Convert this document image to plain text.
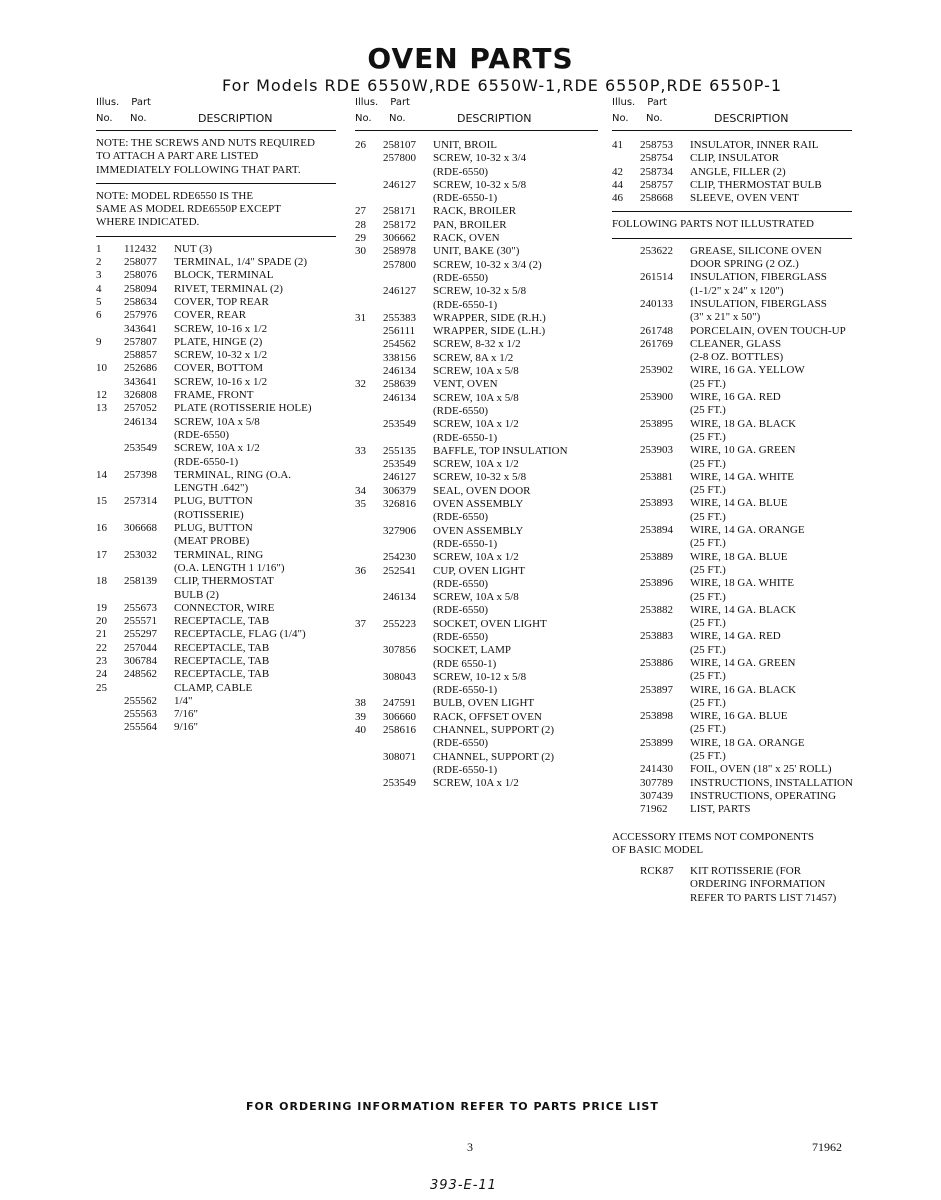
OVEN PARTS
For Models RDE 6550W,RDE 6550W-1,RDE 6550P,RDE 6550P-1
Illus. Part
No. No.	DESCRIPTION
NOTE: THE SCREWS AND NUTS REQUIRED
TO ATTACH A PART ARE LISTED
IMMEDIATELY FOLLOWING THAT PART.
NOTE: MODEL RDE6550 IS THE
SAME AS MODEL RDE6550P EXCEPT
WHERE INDICATED.
1	112432	NUT (3)
2	258077	TERMINAL, 1/4" SPADE (2)
3	258076	BLOCK, TERMINAL
4	258094	RIVET, TERMINAL (2)
5	258634	COVER, TOP REAR
6	257976	COVER, REAR
343641	SCREW, 10-16 x 1/2
9	257807	PLATE, HINGE (2)
258857	SCREW, 10-32 x 1/2
10	252686	COVER, BOTTOM
343641	SCREW, 10-16 x 1/2
12	326808	FRAME, FRONT
13	257052	PLATE (ROTISSERIE HOLE)
246134	SCREW, 10A x 5/8
(RDE-6550)
253549	SCREW, 10A x 1/2
(RDE-6550-1)
14	257398	TERMINAL, RING (O.A.
LENGTH .642")
15	257314	PLUG, BUTTON
(ROTISSERIE)
16	306668	PLUG, BUTTON
(MEAT PROBE)
17	253032	TERMINAL, RING
(O.A. LENGTH 1 1/16")
18	258139	CLIP, THERMOSTAT
BULB (2)
19	255673	CONNECTOR, WIRE
20	255571	RECEPTACLE, TAB
21	255297	RECEPTACLE, FLAG (1/4")
22	257044	RECEPTACLE, TAB
23	306784	RECEPTACLE, TAB
24	248562	RECEPTACLE, TAB
25	CLAMP, CABLE
255562	1/4"
255563	7/16"
255564	9/16"
Illus. Part
No. No.	DESCRIPTION
26	258107	UNIT, BROIL
257800	SCREW, 10-32 x 3/4
(RDE-6550)
246127	SCREW, 10-32 x 5/8
(RDE-6550-1)
27	258171	RACK, BROILER
28	258172	PAN, BROILER
29	306662	RACK, OVEN
30	258978	UNIT, BAKE (30")
257800	SCREW, 10-32 x 3/4 (2)
(RDE-6550)
246127	SCREW, 10-32 x 5/8
(RDE-6550-1)
31	255383	WRAPPER, SIDE (R.H.)
256111	WRAPPER, SIDE (L.H.)
254562	SCREW, 8-32 x 1/2
338156	SCREW, 8A x 1/2
246134	SCREW, 10A x 5/8
32	258639	VENT, OVEN
246134	SCREW, 10A x 5/8
(RDE-6550)
253549	SCREW, 10A x 1/2
(RDE-6550-1)
33	255135	BAFFLE, TOP INSULATION
253549	SCREW, 10A x 1/2
246127	SCREW, 10-32 x 5/8
34	306379	SEAL, OVEN DOOR
35	326816	OVEN ASSEMBLY
(RDE-6550)
327906	OVEN ASSEMBLY
(RDE-6550-1)
254230	SCREW, 10A x 1/2
36	252541	CUP, OVEN LIGHT
(RDE-6550)
246134	SCREW, 10A x 5/8
(RDE-6550)
37	255223	SOCKET, OVEN LIGHT
(RDE-6550)
307856	SOCKET, LAMP
(RDE 6550-1)
308043	SCREW, 10-12 x 5/8
(RDE-6550-1)
38	247591	BULB, OVEN LIGHT
39	306660	RACK, OFFSET OVEN
40	258616	CHANNEL, SUPPORT (2)
(RDE-6550)
308071	CHANNEL, SUPPORT (2)
(RDE-6550-1)
253549	SCREW, 10A x 1/2
Illus. Part
No. No.	DESCRIPTION
41	258753	INSULATOR, INNER RAIL
258754	CLIP, INSULATOR
42	258734	ANGLE, FILLER (2)
44	258757	CLIP, THERMOSTAT BULB
46	258668	SLEEVE, OVEN VENT
FOLLOWING PARTS NOT ILLUSTRATED
253622	GREASE, SILICONE OVEN
DOOR SPRING (2 OZ.)
261514	INSULATION, FIBERGLASS
(1-1/2" x 24" x 120")
240133	INSULATION, FIBERGLASS
(3" x 21" x 50")
261748	PORCELAIN, OVEN TOUCH-UP
261769	CLEANER, GLASS
(2-8 OZ. BOTTLES)
253902	WIRE, 16 GA. YELLOW
(25 FT.)
253900	WIRE, 16 GA. RED
(25 FT.)
253895	WIRE, 18 GA. BLACK
(25 FT.)
253903	WIRE, 10 GA. GREEN
(25 FT.)
253881	WIRE, 14 GA. WHITE
(25 FT.)
253893	WIRE, 14 GA. BLUE
(25 FT.)
253894	WIRE, 14 GA. ORANGE
(25 FT.)
253889	WIRE, 18 GA. BLUE
(25 FT.)
253896	WIRE, 18 GA. WHITE
(25 FT.)
253882	WIRE, 14 GA. BLACK
(25 FT.)
253883	WIRE, 14 GA. RED
(25 FT.)
253886	WIRE, 14 GA. GREEN
(25 FT.)
253897	WIRE, 16 GA. BLACK
(25 FT.)
253898	WIRE, 16 GA. BLUE
(25 FT.)
253899	WIRE, 18 GA. ORANGE
(25 FT.)
241430	FOIL, OVEN (18" x 25' ROLL)
307789	INSTRUCTIONS, INSTALLATION
307439	INSTRUCTIONS, OPERATING
71962	LIST, PARTS
ACCESSORY ITEMS NOT COMPONENTS
OF BASIC MODEL
RCK87	KIT ROTISSERIE (FOR
ORDERING INFORMATION
REFER TO PARTS LIST 71457)
FOR ORDERING INFORMATION REFER TO PARTS PRICE LIST
3	71962
393-E-11
